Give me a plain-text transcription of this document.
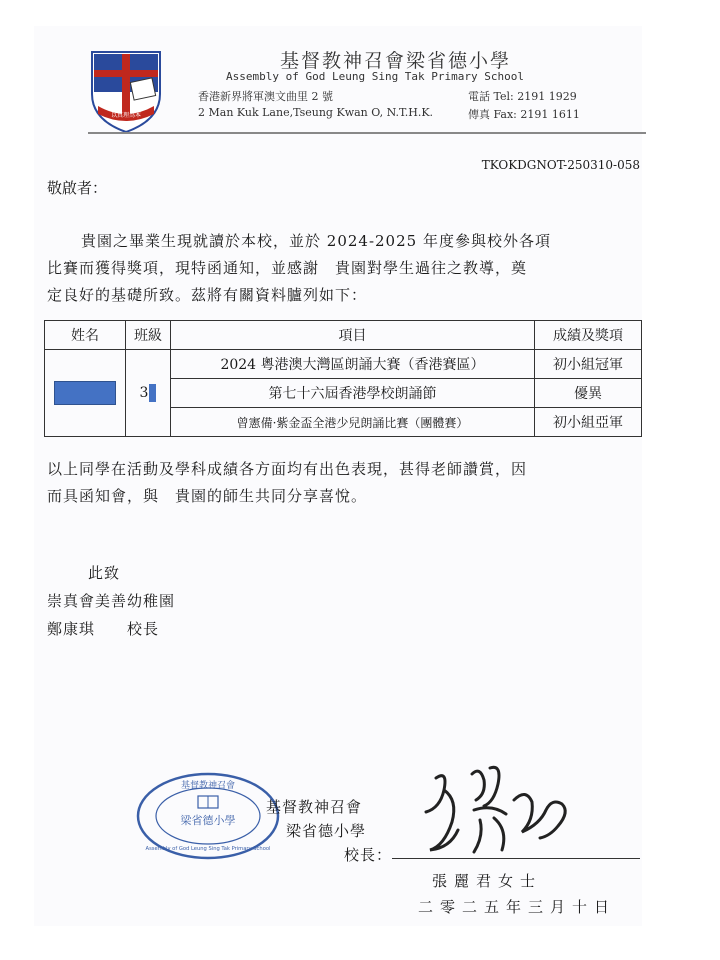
以真理為本
基督教神召會梁省德小學
Assembly of God Leung Sing Tak Primary School
香港新界將軍澳文曲里 2 號
2 Man Kuk Lane,Tseung Kwan O, N.T.H.K.
電話 Tel: 2191 1929
傳真 Fax: 2191 1611
TKOKDGNOT-250310-058
敬啟者：

貴園之畢業生現就讀於本校，並於 2024-2025 年度參與校外各項

比賽而獲得獎項，現特函通知，並感謝　貴園對學生過往之教導，奠

定良好的基礎所致。茲將有關資料臚列如下：

姓名	班級	項目	成績及獎項
	3	2024 粵港澳大灣區朗誦大賽（香港賽區）	初小組冠軍
		第七十六屆香港學校朗誦節	優異
		曾憲備·紫金盃全港少兒朗誦比賽（團體賽）	初小組亞軍

以上同學在活動及學科成績各方面均有出色表現，甚得老師讚賞，因

而具函知會，與　貴園的師生共同分享喜悅。

此致
崇真會美善幼稚園
鄭康琪　　校長
基督教神召會
梁省德小學
Assembly of God Leung Sing Tak Primary School
基督教神召會
梁省德小學
校長：
張麗君女士
二零二五年三月十日
